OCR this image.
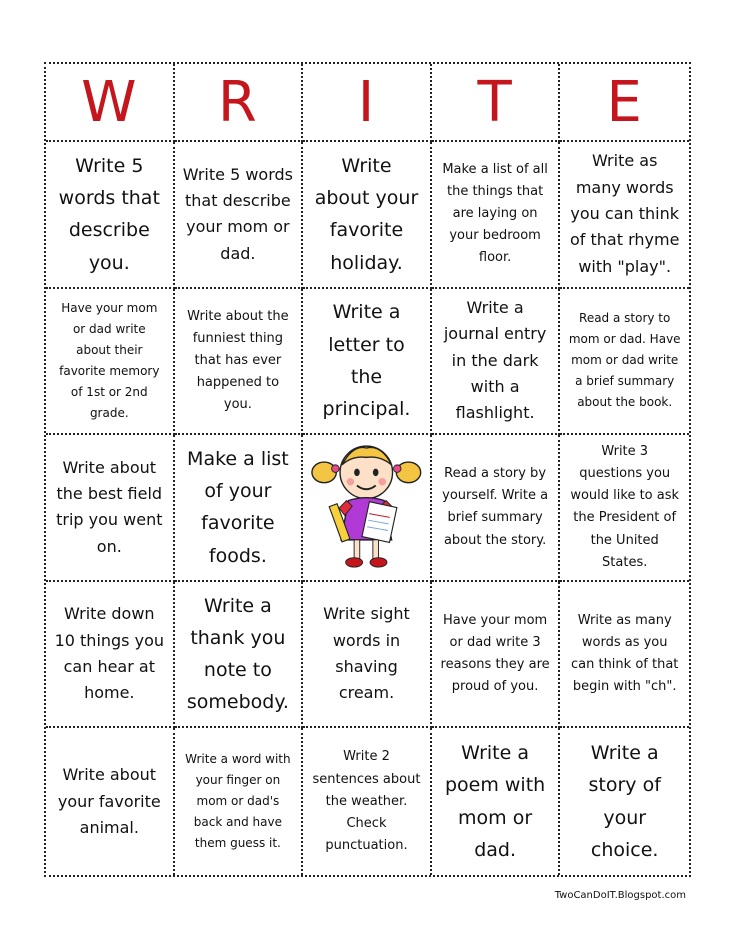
W R I T E
Write 5 words that describe you.
Write 5 words that describe your mom or dad.
Write about your favorite holiday.
Make a list of all the things that are laying on your bedroom floor.
Write as many words you can think of that rhyme with "play".
Have your mom or dad write about their favorite memory of 1st or 2nd grade.
Write about the funniest thing that has ever happened to you.
Write a letter to the principal.
Write a journal entry in the dark with a flashlight.
Read a story to mom or dad. Have mom or dad write a brief summary about the book.
Write about the best field trip you went on.
Make a list of your favorite foods.
Read a story by yourself. Write a brief summary about the story.
Write 3 questions you would like to ask the President of the United States.
Write down 10 things you can hear at home.
Write a thank you note to somebody.
Write sight words in shaving cream.
Have your mom or dad write 3 reasons they are proud of you.
Write as many words as you can think of that begin with "ch".
Write about your favorite animal.
Write a word with your finger on mom or dad's back and have them guess it.
Write 2 sentences about the weather. Check punctuation.
Write a poem with mom or dad.
Write a story of your choice.
TwoCanDoIT.Blogspot.com
